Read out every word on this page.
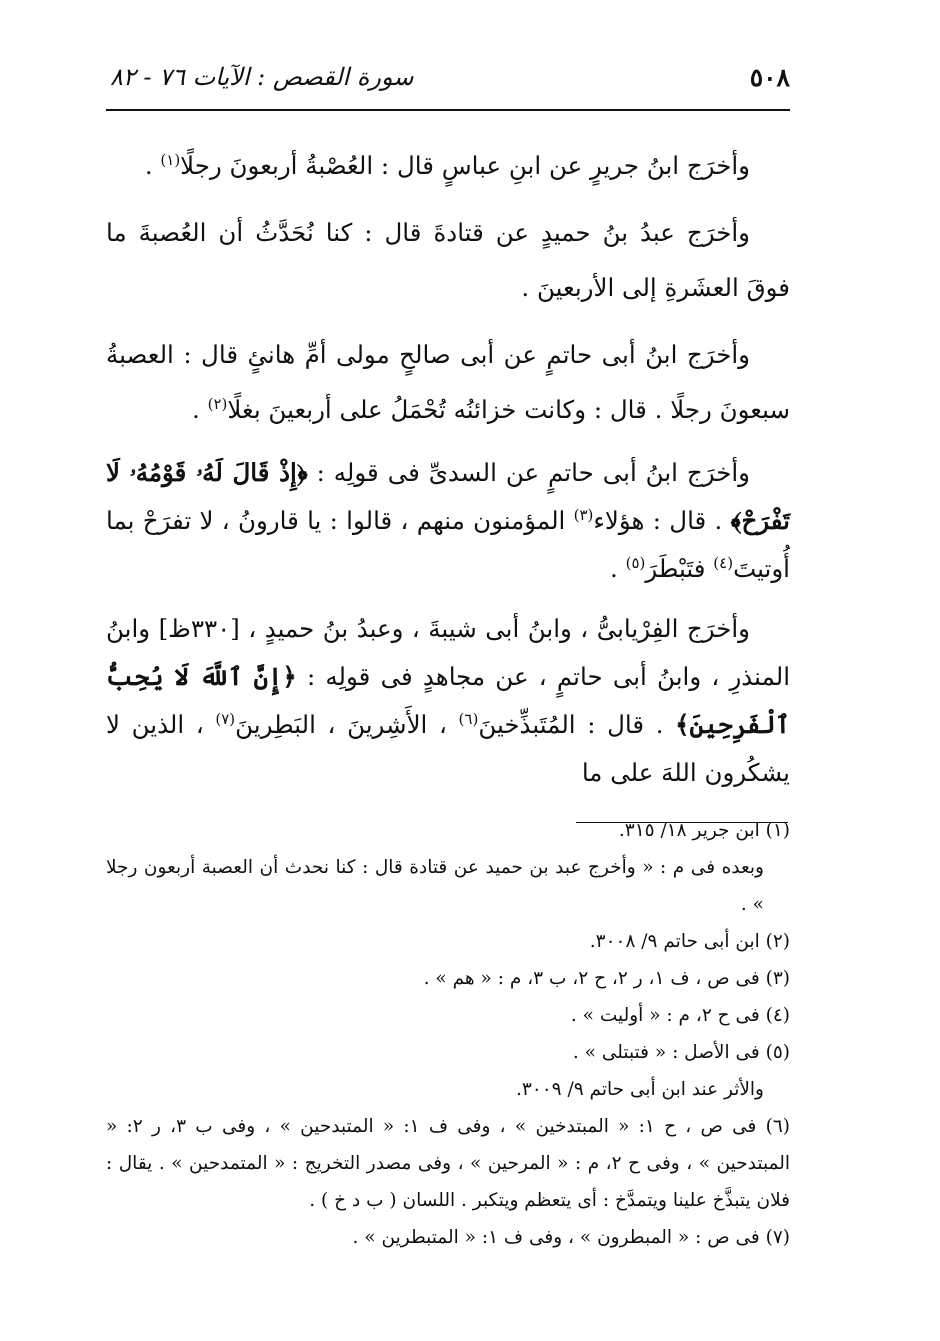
٥٠٨
سورة القصص : الآيات ٧٦ - ٨٢

وأخرَج ابنُ جريرٍ عن ابنِ عباسٍ قال : العُصْبةُ أربعونَ رجلًا$^{(١)}$ .

وأخرَج عبدُ بنُ حميدٍ عن قتادةَ قال : كنا نُحَدَّثُ أن العُصبةَ ما فوقَ العشَرةِ إلى الأربعينَ .

وأخرَج ابنُ أبى حاتمٍ عن أبى صالحٍ مولى أمِّ هانئٍ قال : العصبةُ سبعونَ رجلًا . قال : وكانت خزائنُه تُحْمَلُ على أربعينَ بغلًا$^{(٢)}$ .

وأخرَج ابنُ أبى حاتمٍ عن السدىِّ فى قولِه : ﴿إِذْ قَالَ لَهُۥ قَوْمُهُۥ لَا تَفْرَحْ﴾ . قال : هؤلاء$^{(٣)}$ المؤمنون منهم ، قالوا : يا قارونُ ، لا تفرَحْ بما أُوتيتَ$^{(٤)}$ فتَبْطَرَ$^{(٥)}$ .

وأخرَج الفِرْيابىُّ ، وابنُ أبى شيبةَ ، وعبدُ بنُ حميدٍ ، [٣٣٠ظ] وابنُ المنذرِ ، وابنُ أبى حاتمٍ ، عن مجاهدٍ فى قولِه : ﴿إِنَّ ٱللَّهَ لَا يُحِبُّ ٱلْفَرِحِينَ﴾ . قال : المُتَبذِّخينَ$^{(٦)}$ ، الأَشِرينَ ، البَطِرينَ$^{(٧)}$ ، الذين لا يشكُرون اللهَ على ما

(١) ابن جرير ١٨/ ٣١٥.

وبعده فى م : « وأخرج عبد بن حميد عن قتادة قال : كنا نحدث أن العصبة أربعون رجلا » .

(٢) ابن أبى حاتم ٩/ ٣٠٠٨.

(٣) فى ص ، ف ١، ر ٢، ح ٢، ب ٣، م : « هم » .

(٤) فى ح ٢، م : « أوليت » .

(٥) فى الأصل : « فتبتلى » .

والأثر عند ابن أبى حاتم ٩/ ٣٠٠٩.

(٦) فى ص ، ح ١: « المبتدخين » ، وفى ف ١: « المتبدحين » ، وفى ب ٣، ر ٢: « المبتدحين » ، وفى ح ٢، م : « المرحين » ، وفى مصدر التخريج : « المتمدحين » . يقال : فلان يتبذَّخ علينا ويتمدَّخ : أى يتعظم ويتكبر . اللسان ( ب د خ ) .

(٧) فى ص : « المبطرون » ، وفى ف ١: « المتبطرين » .
